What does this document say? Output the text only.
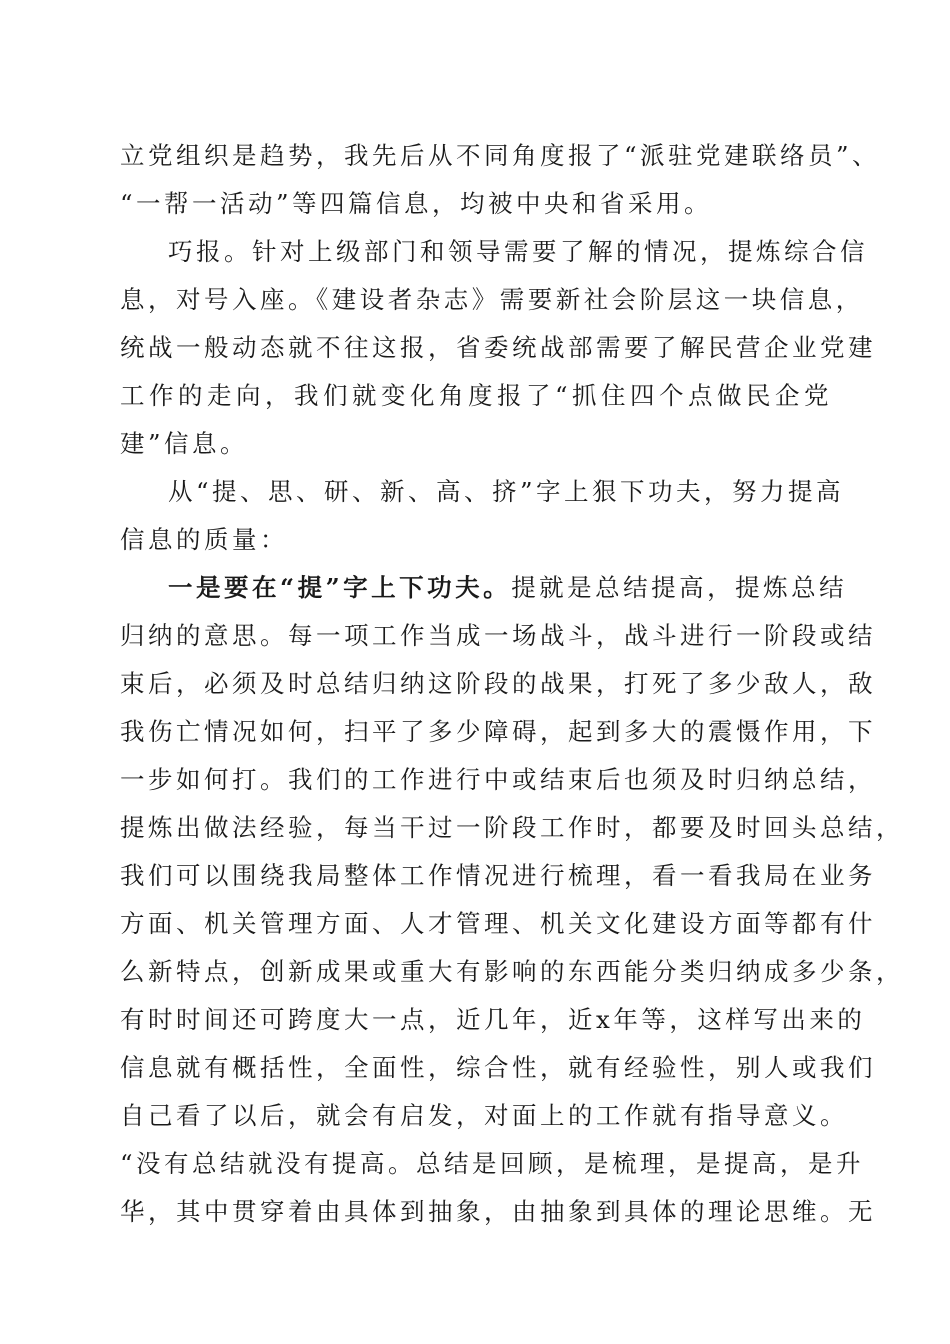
立党组织是趋势，我先后从不同角度报了“派驻党建联络员”、
“一帮一活动”等四篇信息，均被中央和省采用。
巧报。针对上级部门和领导需要了解的情况，提炼综合信
息，对号入座。《建设者杂志》需要新社会阶层这一块信息，
统战一般动态就不往这报，省委统战部需要了解民营企业党建
工作的走向，我们就变化角度报了“抓住四个点做民企党
建”信息。
从“提、思、研、新、高、挤”字上狠下功夫，努力提高
信息的质量：
一是要在“提”字上下功夫。提就是总结提高，提炼总结
归纳的意思。每一项工作当成一场战斗，战斗进行一阶段或结
束后，必须及时总结归纳这阶段的战果，打死了多少敌人，敌
我伤亡情况如何，扫平了多少障碍，起到多大的震慑作用，下
一步如何打。我们的工作进行中或结束后也须及时归纳总结，
提炼出做法经验，每当干过一阶段工作时，都要及时回头总结，
我们可以围绕我局整体工作情况进行梳理，看一看我局在业务
方面、机关管理方面、人才管理、机关文化建设方面等都有什
么新特点，创新成果或重大有影响的东西能分类归纳成多少条，
有时时间还可跨度大一点，近几年，近x年等，这样写出来的
信息就有概括性，全面性，综合性，就有经验性，别人或我们
自己看了以后，就会有启发，对面上的工作就有指导意义。
“没有总结就没有提高。总结是回顾，是梳理，是提高，是升
华，其中贯穿着由具体到抽象，由抽象到具体的理论思维。无
